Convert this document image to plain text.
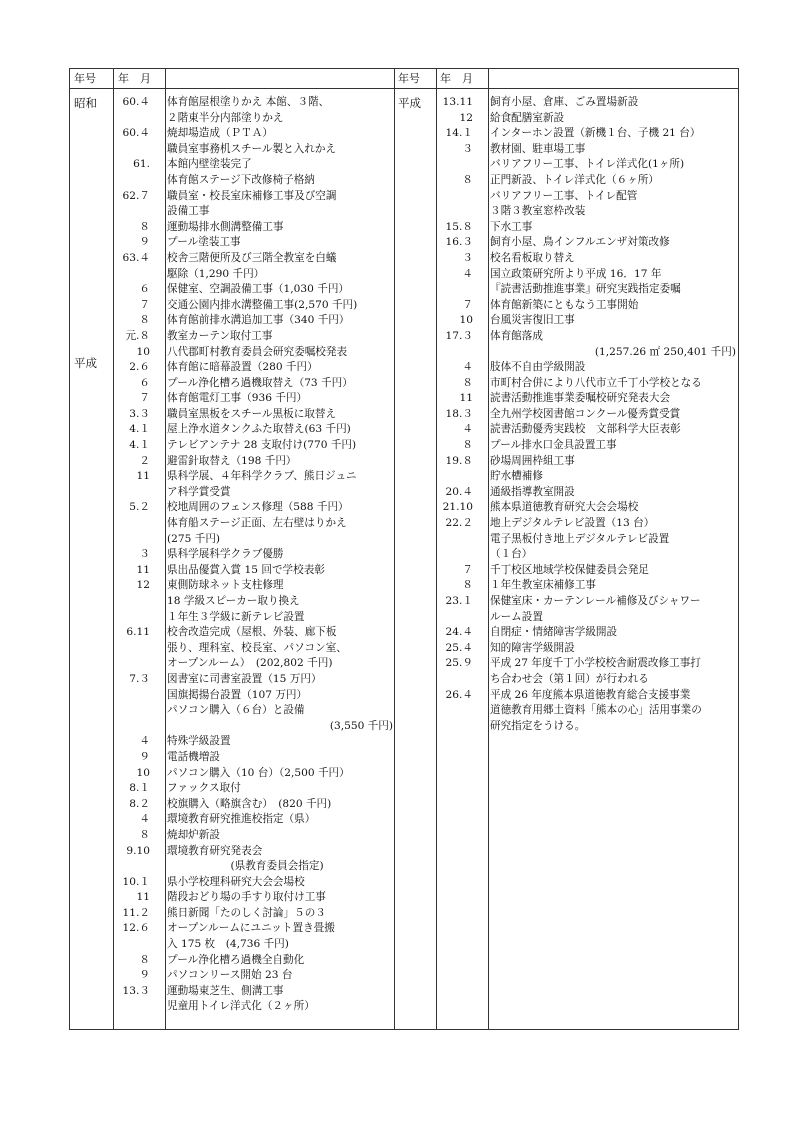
年号 年　月	年号 年　月
昭和
平成
平成
60.４ 体育館屋根塗りかえ 本館、３階、
２階東半分内部塗りかえ
60.４ 焼却場造成（ＰＴＡ）
職員室事務机スチール製と入れかえ
61. 本館内壁塗装完了
体育館ステージ下改修椅子格納
62.７ 職員室・校長室床補修工事及び空調
設備工事
８ 運動場排水側溝整備工事
９ プール塗装工事
63.４ 校舎三階便所及び三階全教室を白蟻
駆除（1,290 千円）
６ 保健室、空調設備工事（1,030 千円）
７ 交通公園内排水溝整備工事(2,570 千円)
８ 体育館前排水溝追加工事（340 千円）
元.８ 教室カーテン取付工事
10 八代郡町村教育委員会研究委嘱校発表
2.６ 体育館に暗幕設置（280 千円）
６ プール浄化槽ろ過機取替え（73 千円）
７ 体育館電灯工事（936 千円）
3.３ 職員室黒板をスチール黒板に取替え
4.１ 屋上浄水道タンクふた取替え(63 千円)
4.１ テレビアンテナ 28 支取付け(770 千円)
２ 避雷針取替え（198 千円）
11 県科学展、４年科学クラブ、熊日ジュニ
ア科学賞受賞
5.２ 校地周囲のフェンス修理（588 千円）
体育船ステージ正面、左右壁はりかえ
(275 千円)
３ 県科学展科学クラブ優勝
11 県出品優賞入賞 15 回で学校表彰
12 東側防球ネット支柱修理
18 学級スピーカー取り換え
１年生３学級に新テレビ設置
6.11 校舎改造完成（屋根、外装、廊下板
張り、理科室、校長室、パソコン室、
オープンルーム）　(202,802 千円)
7.３ 図書室に司書室設置（15 万円）
国旗掲揚台設置（107 万円）
パソコン購入（６台）と設備
(3,550 千円)
４ 特殊学級設置
９ 電話機増設
10 パソコン購入（10 台）（2,500 千円）
8.１ ファックス取付
8.２ 校旗購入（略旗含む）　(820 千円)
４ 環境教育研究推進校指定（県）
８ 焼却炉新設
9.10 環境教育研究発表会
　　　　　　(県教育委員会指定)
10.１ 県小学校理科研究大会会場校
11 階段おどり場の手すり取付け工事
11.２ 熊日新聞「たのしく討論」５の３
12.６ オープンルームにユニット置き畳搬
入 175 枚　(4,736 千円)
８ プール浄化槽ろ過機全自動化
９ パソコンリース開始 23 台
13.３ 運動場東芝生、側溝工事
児童用トイレ洋式化（２ヶ所）
13.11 飼育小屋、倉庫、ごみ置場新設
12 給食配膳室新設
14.１ インターホン設置（新機１台、子機 21 台）
３ 教材園、駐車場工事
バリアフリー工事、トイレ洋式化(1ヶ所)
８ 正門新設、トイレ洋式化（６ヶ所）
バリアフリー工事、トイレ配管
３階３教室窓枠改装
15.８ 下水工事
16.３ 飼育小屋、鳥インフルエンザ対策改修
３ 校名看板取り替え
４ 国立政策研究所より平成 16．17 年
『読書活動推進事業』研究実践指定委嘱
７ 体育館新築にともなう工事開始
10 台風災害復旧工事
17.３ 体育館落成
(1,257.26 ㎡ 250,401 千円)
４ 肢体不自由学級開設
８ 市町村合併により八代市立千丁小学校となる
11 読書活動推進事業委嘱校研究発表大会
18.３ 全九州学校図書館コンクール優秀賞受賞
４ 読書活動優秀実践校　文部科学大臣表彰
８ プール排水口金具設置工事
19.８ 砂場周囲枠組工事
貯水槽補修
20.４ 通級指導教室開設
21.10 熊本県道徳教育研究大会会場校
22.２ 地上デジタルテレビ設置（13 台）
電子黒板付き地上デジタルテレビ設置
（１台）
７ 千丁校区地域学校保健委員会発足
８ １年生教室床補修工事
23.１ 保健室床・カーテンレール補修及びシャワー
ルーム設置
24.４ 自閉症・情緒障害学級開設
25.４ 知的障害学級開設
25.９ 平成 27 年度千丁小学校校舎耐震改修工事打
ち合わせ会（第１回）が行われる
26.４ 平成 26 年度熊本県道徳教育総合支援事業
道徳教育用郷土資料「熊本の心」活用事業の
研究指定をうける。
